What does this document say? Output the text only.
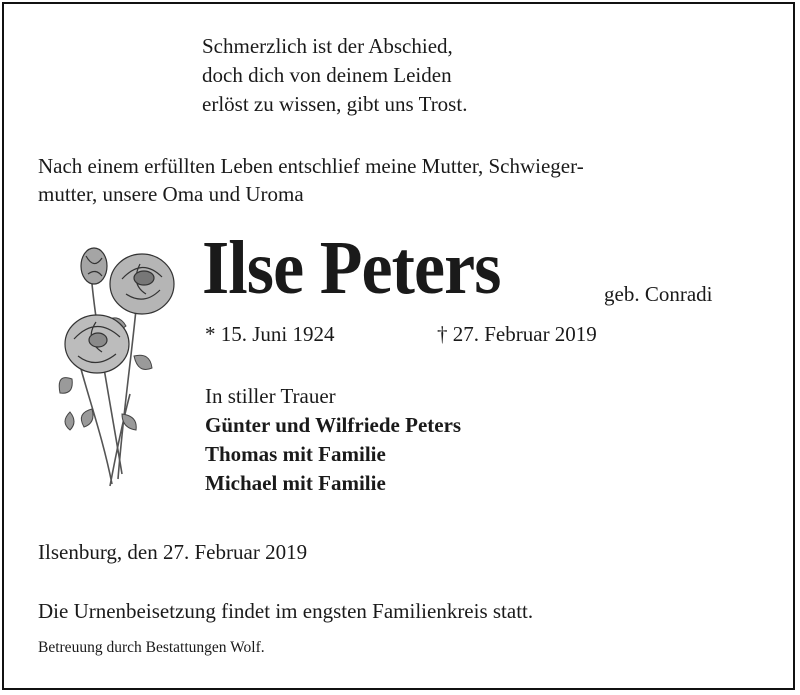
Schmerzlich ist der Abschied,
doch dich von deinem Leiden
erlöst zu wissen, gibt uns Trost.
Nach einem erfüllten Leben entschlief meine Mutter, Schwieger-
mutter, unsere Oma und Uroma
Ilse Peters	geb. Conradi
* 15. Juni 1924	† 27. Februar 2019
In stiller Trauer
Günter und Wilfriede Peters
Thomas mit Familie
Michael mit Familie
Ilsenburg, den 27. Februar 2019
Die Urnenbeisetzung findet im engsten Familienkreis statt.
Betreuung durch Bestattungen Wolf.
